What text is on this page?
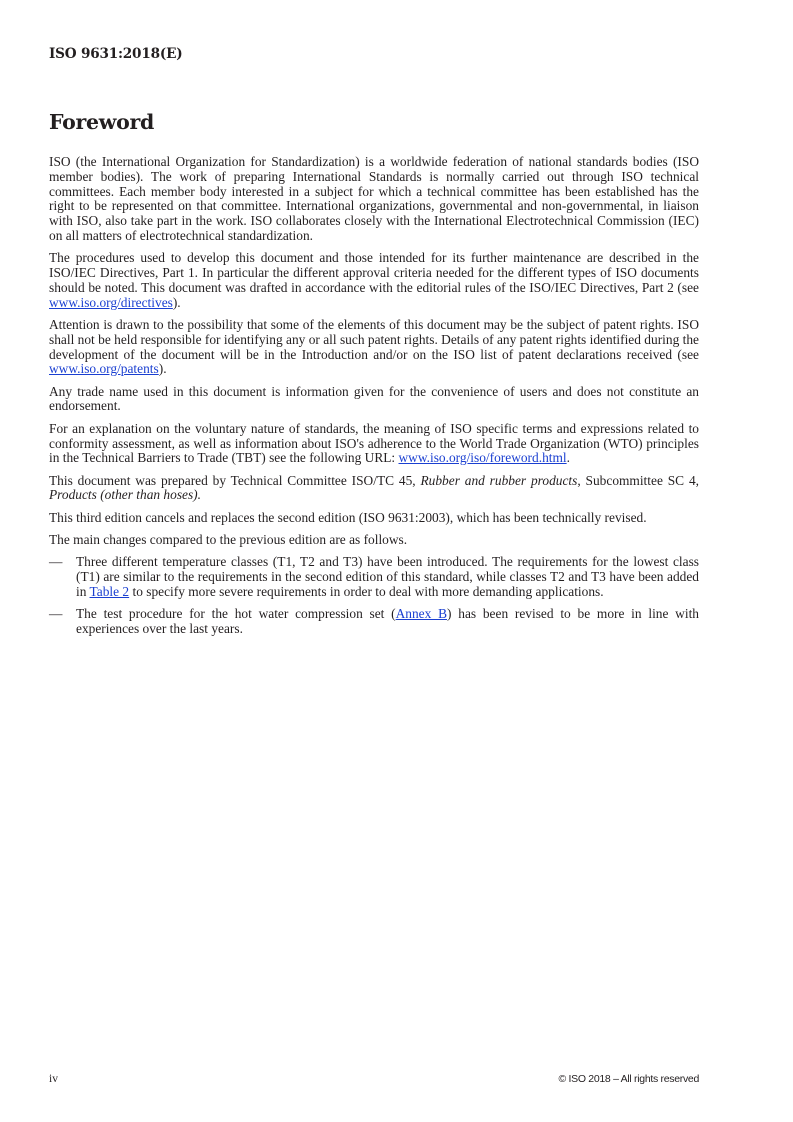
ISO 9631:2018(E)
Foreword

ISO (the International Organization for Standardization) is a worldwide federation of national standards bodies (ISO member bodies). The work of preparing International Standards is normally carried out through ISO technical committees. Each member body interested in a subject for which a technical committee has been established has the right to be represented on that committee. International organizations, governmental and non-governmental, in liaison with ISO, also take part in the work. ISO collaborates closely with the International Electrotechnical Commission (IEC) on all matters of electrotechnical standardization.

The procedures used to develop this document and those intended for its further maintenance are described in the ISO/IEC Directives, Part 1. In particular the different approval criteria needed for the different types of ISO documents should be noted. This document was drafted in accordance with the editorial rules of the ISO/IEC Directives, Part 2 (see www.iso.org/directives).

Attention is drawn to the possibility that some of the elements of this document may be the subject of patent rights. ISO shall not be held responsible for identifying any or all such patent rights. Details of any patent rights identified during the development of the document will be in the Introduction and/or on the ISO list of patent declarations received (see www.iso.org/patents).

Any trade name used in this document is information given for the convenience of users and does not constitute an endorsement.

For an explanation on the voluntary nature of standards, the meaning of ISO specific terms and expressions related to conformity assessment, as well as information about ISO's adherence to the World Trade Organization (WTO) principles in the Technical Barriers to Trade (TBT) see the following URL: www.iso.org/iso/foreword.html.

This document was prepared by Technical Committee ISO/TC 45, Rubber and rubber products, Subcommittee SC 4, Products (other than hoses).

This third edition cancels and replaces the second edition (ISO 9631:2003), which has been technically revised.

The main changes compared to the previous edition are as follows.

— Three different temperature classes (T1, T2 and T3) have been introduced. The requirements for the lowest class (T1) are similar to the requirements in the second edition of this standard, while classes T2 and T3 have been added in Table 2 to specify more severe requirements in order to deal with more demanding applications.
— The test procedure for the hot water compression set (Annex B) has been revised to be more in line with experiences over the last years.
iv	© ISO 2018 – All rights reserved
